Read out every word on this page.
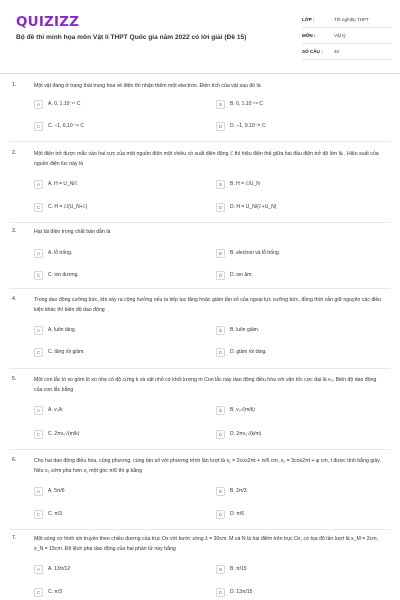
QUIZIZZ
Bộ đề thi minh họa môn Vật lí THPT Quốc gia năm 2022 có lời giải (Đề 15)
LỚP :	Tốt nghiệp THPT
MÔN :	Vật lý
SỐ CÂU :	40
1.	Một vật đang ở trạng thái trung hòa về điện thì nhận thêm một electron. Điện tích của vật sau đó là
A	A. 0, 1.10⁻²⁷ C	B	B. 0, 1.10⁻¹⁸ C
C	C. −1, 6.10⁻¹⁹ C	D	D. −1, 9.10⁻³¹ C
2.	Một điện trở được mắc vào hai cực của một nguồn điện một chiều có suất điện động ℰ thì hiệu điện thế giữa hai đầu điện trở độ lớn là . Hiệu suất của nguồn điện lúc này là
A	A. H = U_N/ℰ	B	B. H = ℰ/U_N
C	C. H = ℰ/(U_N+ℰ)	D	D. H = U_N/(ℰ+U_N)
3.	Hạt tải điện trong chất bán dẫn là
A	A. lỗ trống.	B	B. electron và lỗ trống.
C	C. ion dương.	D	D. ion âm.
4.	Trong dao động cưỡng bức, khi xảy ra cộng hưởng nếu ta tiếp tục tăng hoặc giảm tần số của ngoại lực cưỡng bức, đồng thời vẫn giữ nguyên các điều kiện khác thì biên độ dao động
A	A. luôn tăng.	B	B. luôn giảm.
C	C. tăng rồi giảm.	D	D. giảm rồi tăng.
5.	Một con lắc lò xo gồm lò xo nhẹ có độ cứng k và vật nhỏ có khối lượng m Con lắc này dao động điều hòa với vận tốc cực đại là v₀. Biên độ dao động của con lắc bằng
A	A. v₀/k	B	B. v₀√(m/k)
C	C. 2πv₀√(m/k)	D	D. 2πv₀√(k/m)
6.	Cho hai dao động điều hòa, cùng phương, cùng tần số với phương trình lần lượt là x₁ = 2cos2πt + π/6 cm, x₂ = 3cos2πt + φ cm, t được tính bằng giây. Nếu x₂ sớm pha hơn x₁ một góc π/6 thì φ bằng
A	A. 5π/6	B	B. 2π/3
C	C. π/3	D	D. π/6
7.	Một sóng cơ hình sin truyền theo chiều dương của trục Ox với bước sóng λ = 30cm. M và N là hai điểm trên trục Ox, có tọa độ lần lượt là x_M = 2cm, x_N = 15cm. Độ lệch pha dao động của hai phần tử này bằng
A	A. 13π/12	B	B. π/15
C	C. π/3	D	D. 13π/15
